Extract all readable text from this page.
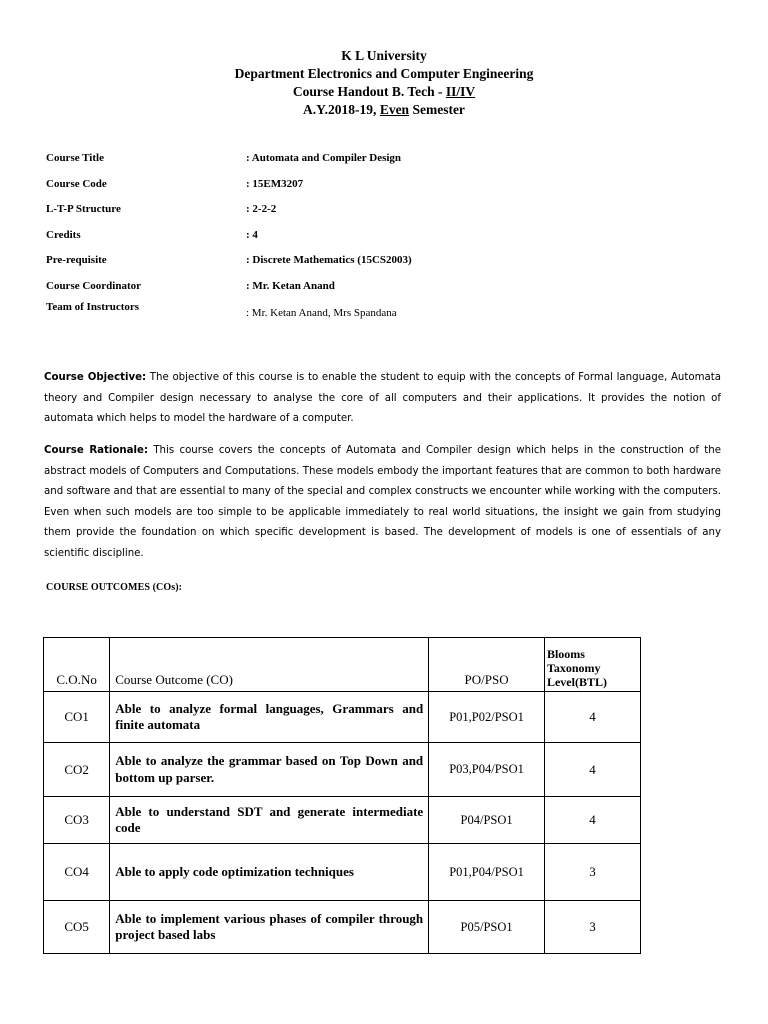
K L University
Department Electronics and Computer Engineering
Course Handout B. Tech - II/IV
A.Y.2018-19, Even Semester
Course Title	: Automata and Compiler Design
Course Code	: 15EM3207
L-T-P Structure	: 2-2-2
Credits	: 4
Pre-requisite	: Discrete Mathematics (15CS2003)
Course Coordinator	: Mr. Ketan Anand
Team of Instructors	: Mr. Ketan Anand, Mrs Spandana
Course Objective: The objective of this course is to enable the student to equip with the concepts of Formal language, Automata theory and Compiler design necessary to analyse the core of all computers and their applications. It provides the notion of automata which helps to model the hardware of a computer.
Course Rationale: This course covers the concepts of Automata and Compiler design which helps in the construction of the abstract models of Computers and Computations. These models embody the important features that are common to both hardware and software and that are essential to many of the special and complex constructs we encounter while working with the computers. Even when such models are too simple to be applicable immediately to real world situations, the insight we gain from studying them provide the foundation on which specific development is based. The development of models is one of essentials of any scientific discipline.
COURSE OUTCOMES (COs):
C.O.No	Course Outcome (CO)	PO/PSO	Blooms Taxonomy Level(BTL)
CO1	Able to analyze formal languages, Grammars and finite automata	P01,P02/PSO1	4
CO2	Able to analyze the grammar based on Top Down and bottom up parser.	P03,P04/PSO1	4
CO3	Able to understand SDT and generate intermediate code	P04/PSO1	4
CO4	Able to apply code optimization techniques	P01,P04/PSO1	3
CO5	Able to implement various phases of compiler through project based labs	P05/PSO1	3
